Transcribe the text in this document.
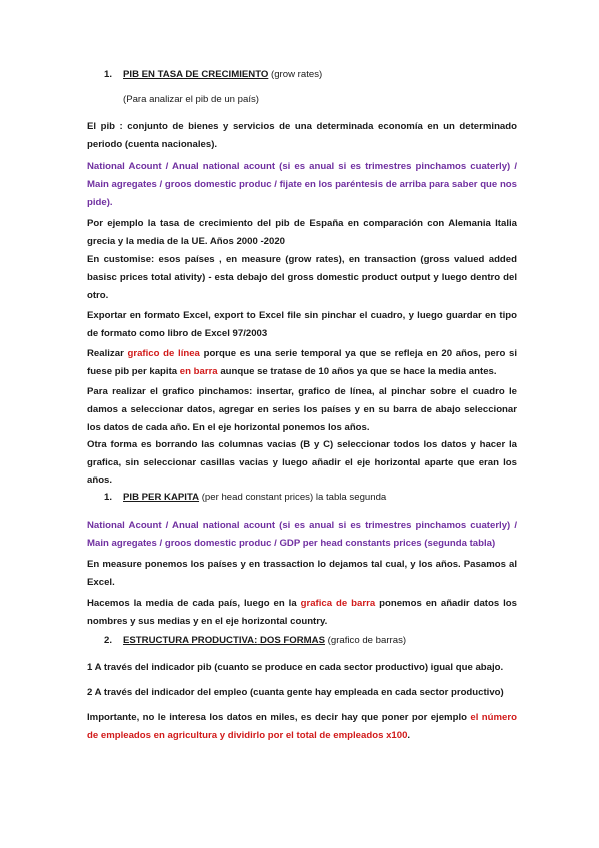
1. PIB EN TASA DE CRECIMIENTO (grow rates)

(Para analizar el pib de un país)

El pib : conjunto de bienes y servicios de una determinada economía en un determinado periodo (cuenta nacionales).

National Acount / Anual national acount (si es anual si es trimestres pinchamos cuaterly) / Main agregates / groos domestic produc / fijate en los paréntesis de arriba para saber que nos pide).

Por ejemplo la tasa de crecimiento del pib de España en comparación con Alemania Italia grecia y la media de la UE. Años 2000 -2020

En customise: esos países , en measure (grow rates), en transaction (gross valued added basisc prices total ativity) - esta debajo del gross domestic product output y luego dentro del otro.

Exportar en formato Excel, export to Excel file sin pinchar el cuadro, y luego guardar en tipo de formato como libro de Excel 97/2003

Realizar grafico de línea porque es una serie temporal ya que se refleja en 20 años, pero si fuese pib per kapita en barra aunque se tratase de 10 años ya que se hace la media antes.

Para realizar el grafico pinchamos: insertar, grafico de línea, al pinchar sobre el cuadro le damos a seleccionar datos, agregar en series los países y en su barra de abajo seleccionar los datos de cada año. En el eje horizontal ponemos los años.

Otra forma es borrando las columnas vacias (B y C) seleccionar todos los datos y hacer la grafica, sin seleccionar casillas vacias y luego añadir el eje horizontal aparte que eran los años.

1. PIB PER KAPITA (per head constant prices) la tabla segunda

National Acount / Anual national acount (si es anual si es trimestres pinchamos cuaterly) / Main agregates / groos domestic produc / GDP per head constants prices (segunda tabla)

En measure ponemos los países y en trassaction lo dejamos tal cual, y los años. Pasamos al Excel.

Hacemos la media de cada país, luego en la grafica de barra ponemos en añadir datos los nombres y sus medias y en el eje horizontal country.

2. ESTRUCTURA PRODUCTIVA: DOS FORMAS (grafico de barras)

1 A través del indicador pib (cuanto se produce en cada sector productivo) igual que abajo.

2 A través del indicador del empleo (cuanta gente hay empleada en cada sector productivo)

Importante, no le interesa los datos en miles, es decir hay que poner por ejemplo el número de empleados en agricultura y dividirlo por el total de empleados x100.
